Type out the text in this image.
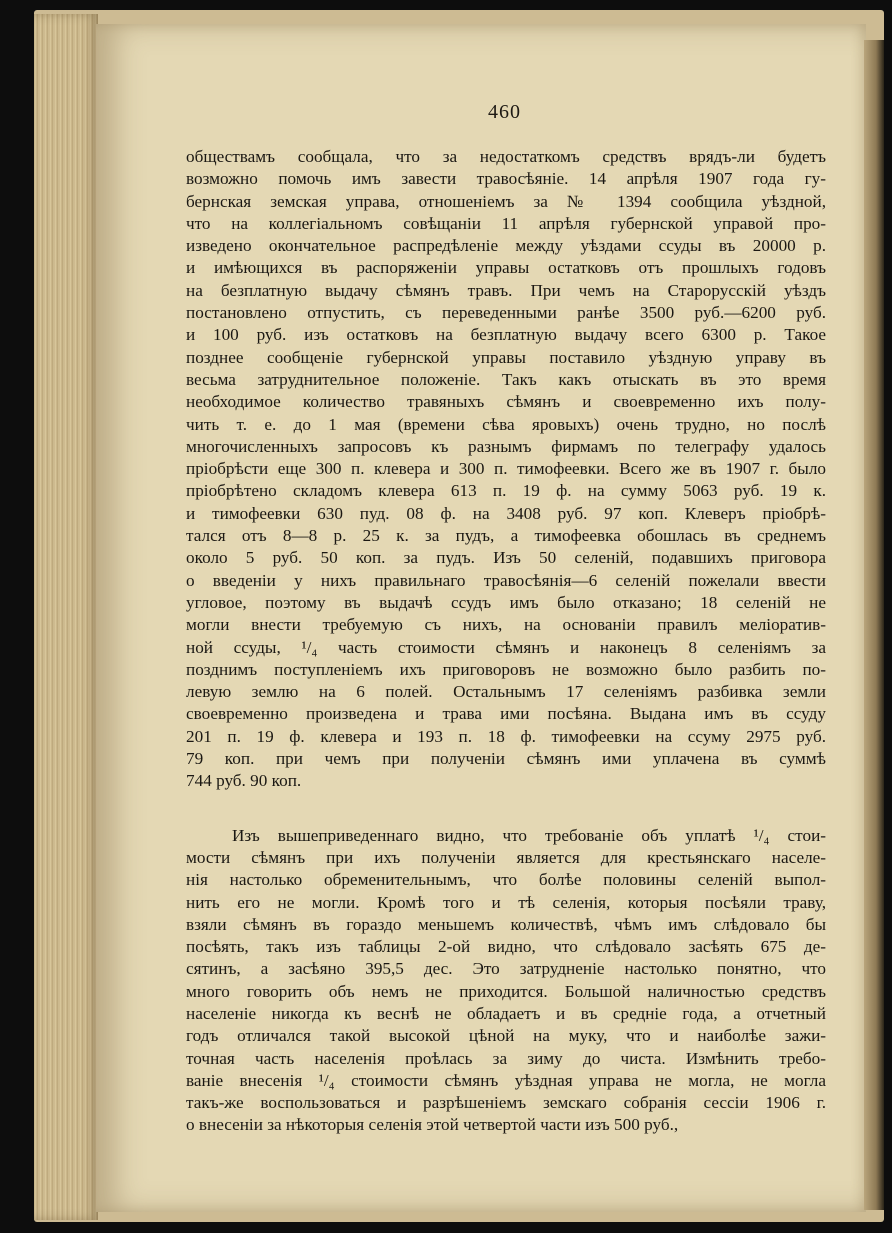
460
обществамъ сообщала, что за недостаткомъ средствъ врядъ-ли будетъ
возможно помочь имъ завести травосѣяніе. 14 апрѣля 1907 года гу-
бернская земская управа, отношеніемъ за № 1394 сообщила уѣздной,
что на коллегіальномъ совѣщаніи 11 апрѣля губернской управой про-
изведено окончательное распредѣленіе между уѣздами ссуды въ 20000 р.
и имѣющихся въ распоряженіи управы остатковъ отъ прошлыхъ годовъ
на безплатную выдачу сѣмянъ травъ. При чемъ на Старорусскій уѣздъ
постановлено отпустить, съ переведенными ранѣе 3500 руб.—6200 руб.
и 100 руб. изъ остатковъ на безплатную выдачу всего 6300 р. Такое
позднее сообщеніе губернской управы поставило уѣздную управу въ
весьма затруднительное положеніе. Такъ какъ отыскать въ это время
необходимое количество травяныхъ сѣмянъ и своевременно ихъ полу-
чить т. е. до 1 мая (времени сѣва яровыхъ) очень трудно, но послѣ
многочисленныхъ запросовъ къ разнымъ фирмамъ по телеграфу удалось
пріобрѣсти еще 300 п. клевера и 300 п. тимофеевки. Всего же въ 1907 г. было
пріобрѣтено складомъ клевера 613 п. 19 ф. на сумму 5063 руб. 19 к.
и тимофеевки 630 пуд. 08 ф. на 3408 руб. 97 коп. Клеверъ пріобрѣ-
тался отъ 8—8 р. 25 к. за пудъ, а тимофеевка обошлась въ среднемъ
около 5 руб. 50 коп. за пудъ. Изъ 50 селеній, подавшихъ приговора
о введеніи у нихъ правильнаго травосѣянія—6 селеній пожелали ввести
угловое, поэтому въ выдачѣ ссудъ имъ было отказано; 18 селеній не
могли внести требуемую съ нихъ, на основаніи правилъ меліоратив-
ной ссуды, ¹/₄ часть стоимости сѣмянъ и наконецъ 8 селеніямъ за
позднимъ поступленіемъ ихъ приговоровъ не возможно было разбить по-
левую землю на 6 полей. Остальнымъ 17 селеніямъ разбивка земли
своевременно произведена и трава ими посѣяна. Выдана имъ въ ссуду
201 п. 19 ф. клевера и 193 п. 18 ф. тимофеевки на ссуму 2975 руб.
79 коп. при чемъ при полученіи сѣмянъ ими уплачена въ суммѣ
744 руб. 90 коп.
Изъ вышеприведеннаго видно, что требованіе объ уплатѣ ¹/₄ стои-
мости сѣмянъ при ихъ полученіи является для крестьянскаго населе-
нія настолько обременительнымъ, что болѣе половины селеній выпол-
нить его не могли. Кромѣ того и тѣ селенія, которыя посѣяли траву,
взяли сѣмянъ въ гораздо меньшемъ количествѣ, чѣмъ имъ слѣдовало бы
посѣять, такъ изъ таблицы 2-ой видно, что слѣдовало засѣять 675 де-
сятинъ, а засѣяно 395,5 дес. Это затрудненіе настолько понятно, что
много говорить объ немъ не приходится. Большой наличностью средствъ
населеніе никогда къ веснѣ не обладаетъ и въ средніе года, а отчетный
годъ отличался такой высокой цѣной на муку, что и наиболѣе зажи-
точная часть населенія проѣлась за зиму до чиста. Измѣнить требо-
ваніе внесенія ¹/₄ стоимости сѣмянъ уѣздная управа не могла, не могла
такъ-же воспользоваться и разрѣшеніемъ земскаго собранія сессіи 1906 г.
о внесеніи за нѣкоторыя селенія этой четвертой части изъ 500 руб.,
